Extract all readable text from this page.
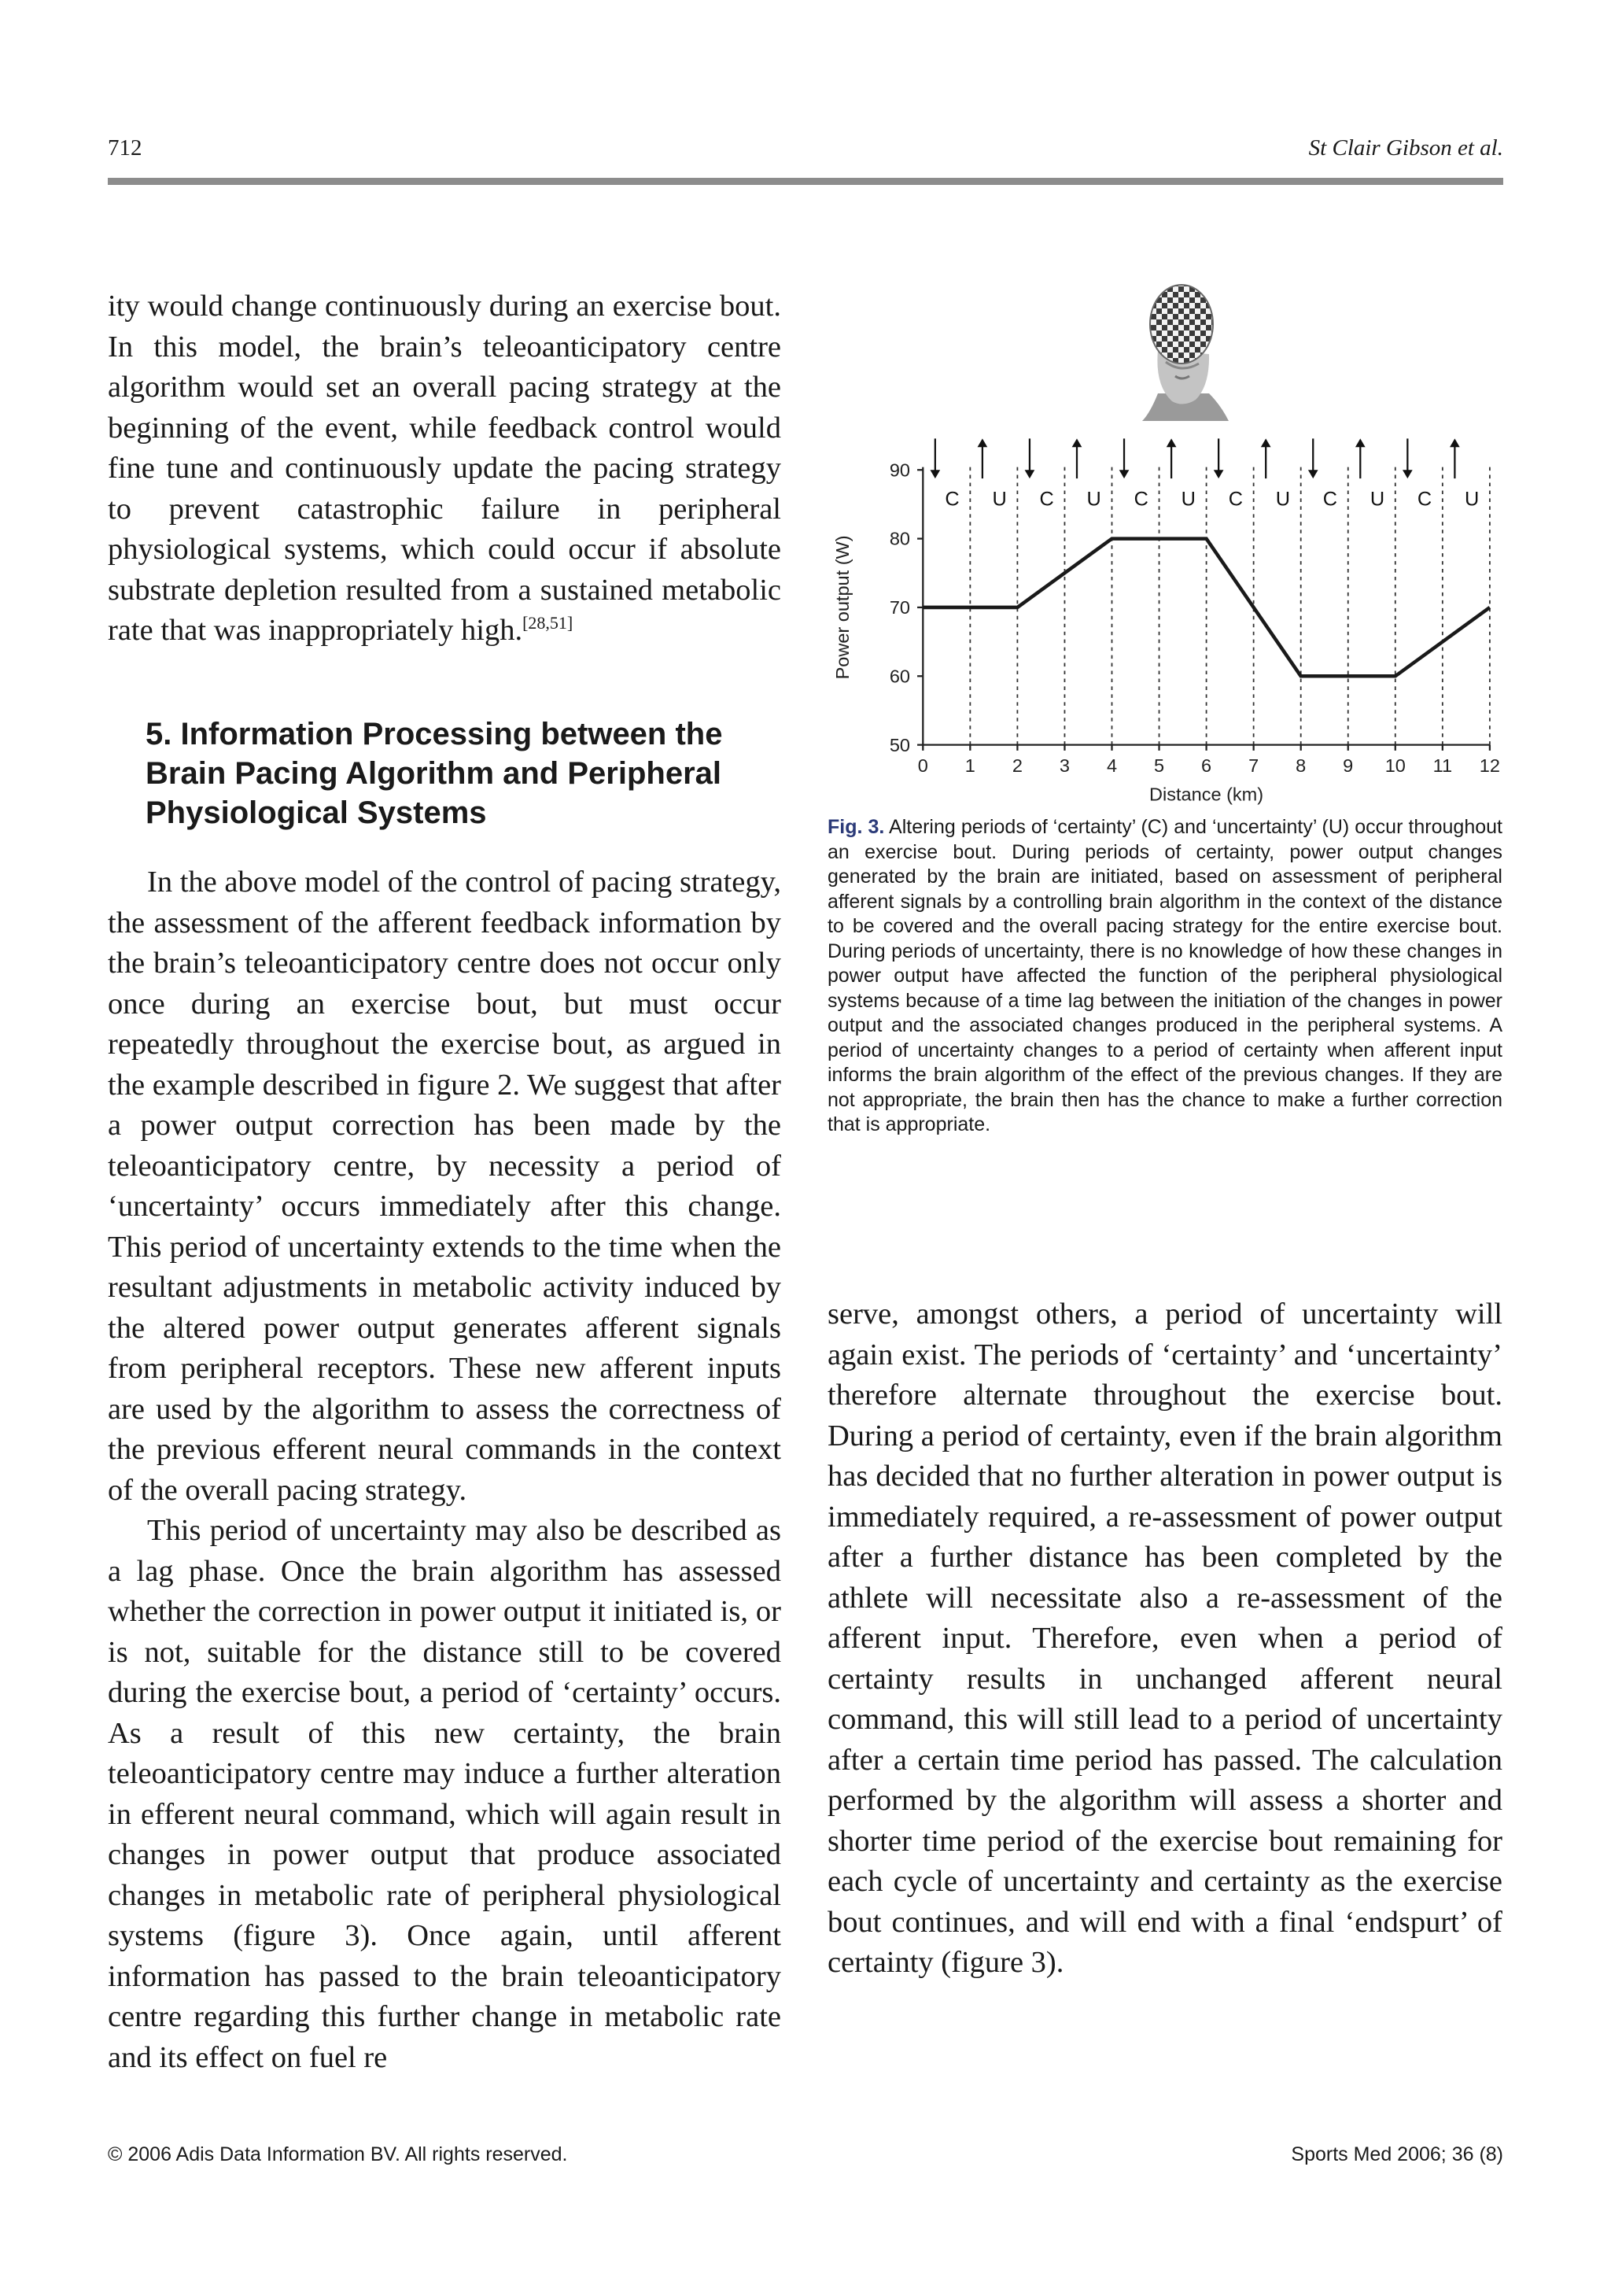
712	St Clair Gibson et al.

ity would change continuously during an exercise bout. In this model, the brain’s teleoanticipatory centre algorithm would set an overall pacing strategy at the beginning of the event, while feedback control would fine tune and continuously update the pacing strategy to prevent catastrophic failure in peripheral physiological systems, which could occur if absolute substrate depletion resulted from a sustained metabolic rate that was inappropriately high.[28,51]

5. Information Processing between the Brain Pacing Algorithm and Peripheral Physiological Systems

In the above model of the control of pacing strategy, the assessment of the afferent feedback information by the brain’s teleoanticipatory centre does not occur only once during an exercise bout, but must occur repeatedly throughout the exercise bout, as argued in the example described in figure 2. We suggest that after a power output correction has been made by the teleoanticipatory centre, by necessity a period of ‘uncertainty’ occurs immediately after this change. This period of uncertainty extends to the time when the resultant adjustments in metabolic activity induced by the altered power output generates afferent signals from peripheral receptors. These new afferent inputs are used by the algorithm to assess the correctness of the previous efferent neural commands in the context of the overall pacing strategy.

This period of uncertainty may also be described as a lag phase. Once the brain algorithm has assessed whether the correction in power output it initiated is, or is not, suitable for the distance still to be covered during the exercise bout, a period of ‘certainty’ occurs. As a result of this new certainty, the brain teleoanticipatory centre may induce a further alteration in efferent neural command, which will again result in changes in power output that produce associated changes in metabolic rate of peripheral physiological systems (figure 3). Once again, until afferent information has passed to the brain teleoanticipatory centre regarding this further change in metabolic rate and its effect on fuel re

C U C U C U C U C U C U
50
60
70
80
90
0 1 2 3 4 5 6 7 8 9 10 11 12
Distance (km)
Power output (W)
Fig. 3. Altering periods of ‘certainty’ (C) and ‘uncertainty’ (U) occur throughout an exercise bout. During periods of certainty, power output changes generated by the brain are initiated, based on assessment of peripheral afferent signals by a controlling brain algorithm in the context of the distance to be covered and the overall pacing strategy for the entire exercise bout. During periods of uncertainty, there is no knowledge of how these changes in power output have affected the function of the peripheral physiological systems because of a time lag between the initiation of the changes in power output and the associated changes produced in the peripheral systems. A period of uncertainty changes to a period of certainty when afferent input informs the brain algorithm of the effect of the previous changes. If they are not appropriate, the brain then has the chance to make a further correction that is appropriate.

serve, amongst others, a period of uncertainty will again exist. The periods of ‘certainty’ and ‘uncertainty’ therefore alternate throughout the exercise bout. During a period of certainty, even if the brain algorithm has decided that no further alteration in power output is immediately required, a re-assessment of power output after a further distance has been completed by the athlete will necessitate also a re-assessment of the afferent input. Therefore, even when a period of certainty results in unchanged afferent neural command, this will still lead to a period of uncertainty after a certain time period has passed. The calculation performed by the algorithm will assess a shorter and shorter time period of the exercise bout remaining for each cycle of uncertainty and certainty as the exercise bout continues, and will end with a final ‘endspurt’ of certainty (figure 3).

© 2006 Adis Data Information BV. All rights reserved.	Sports Med 2006; 36 (8)
